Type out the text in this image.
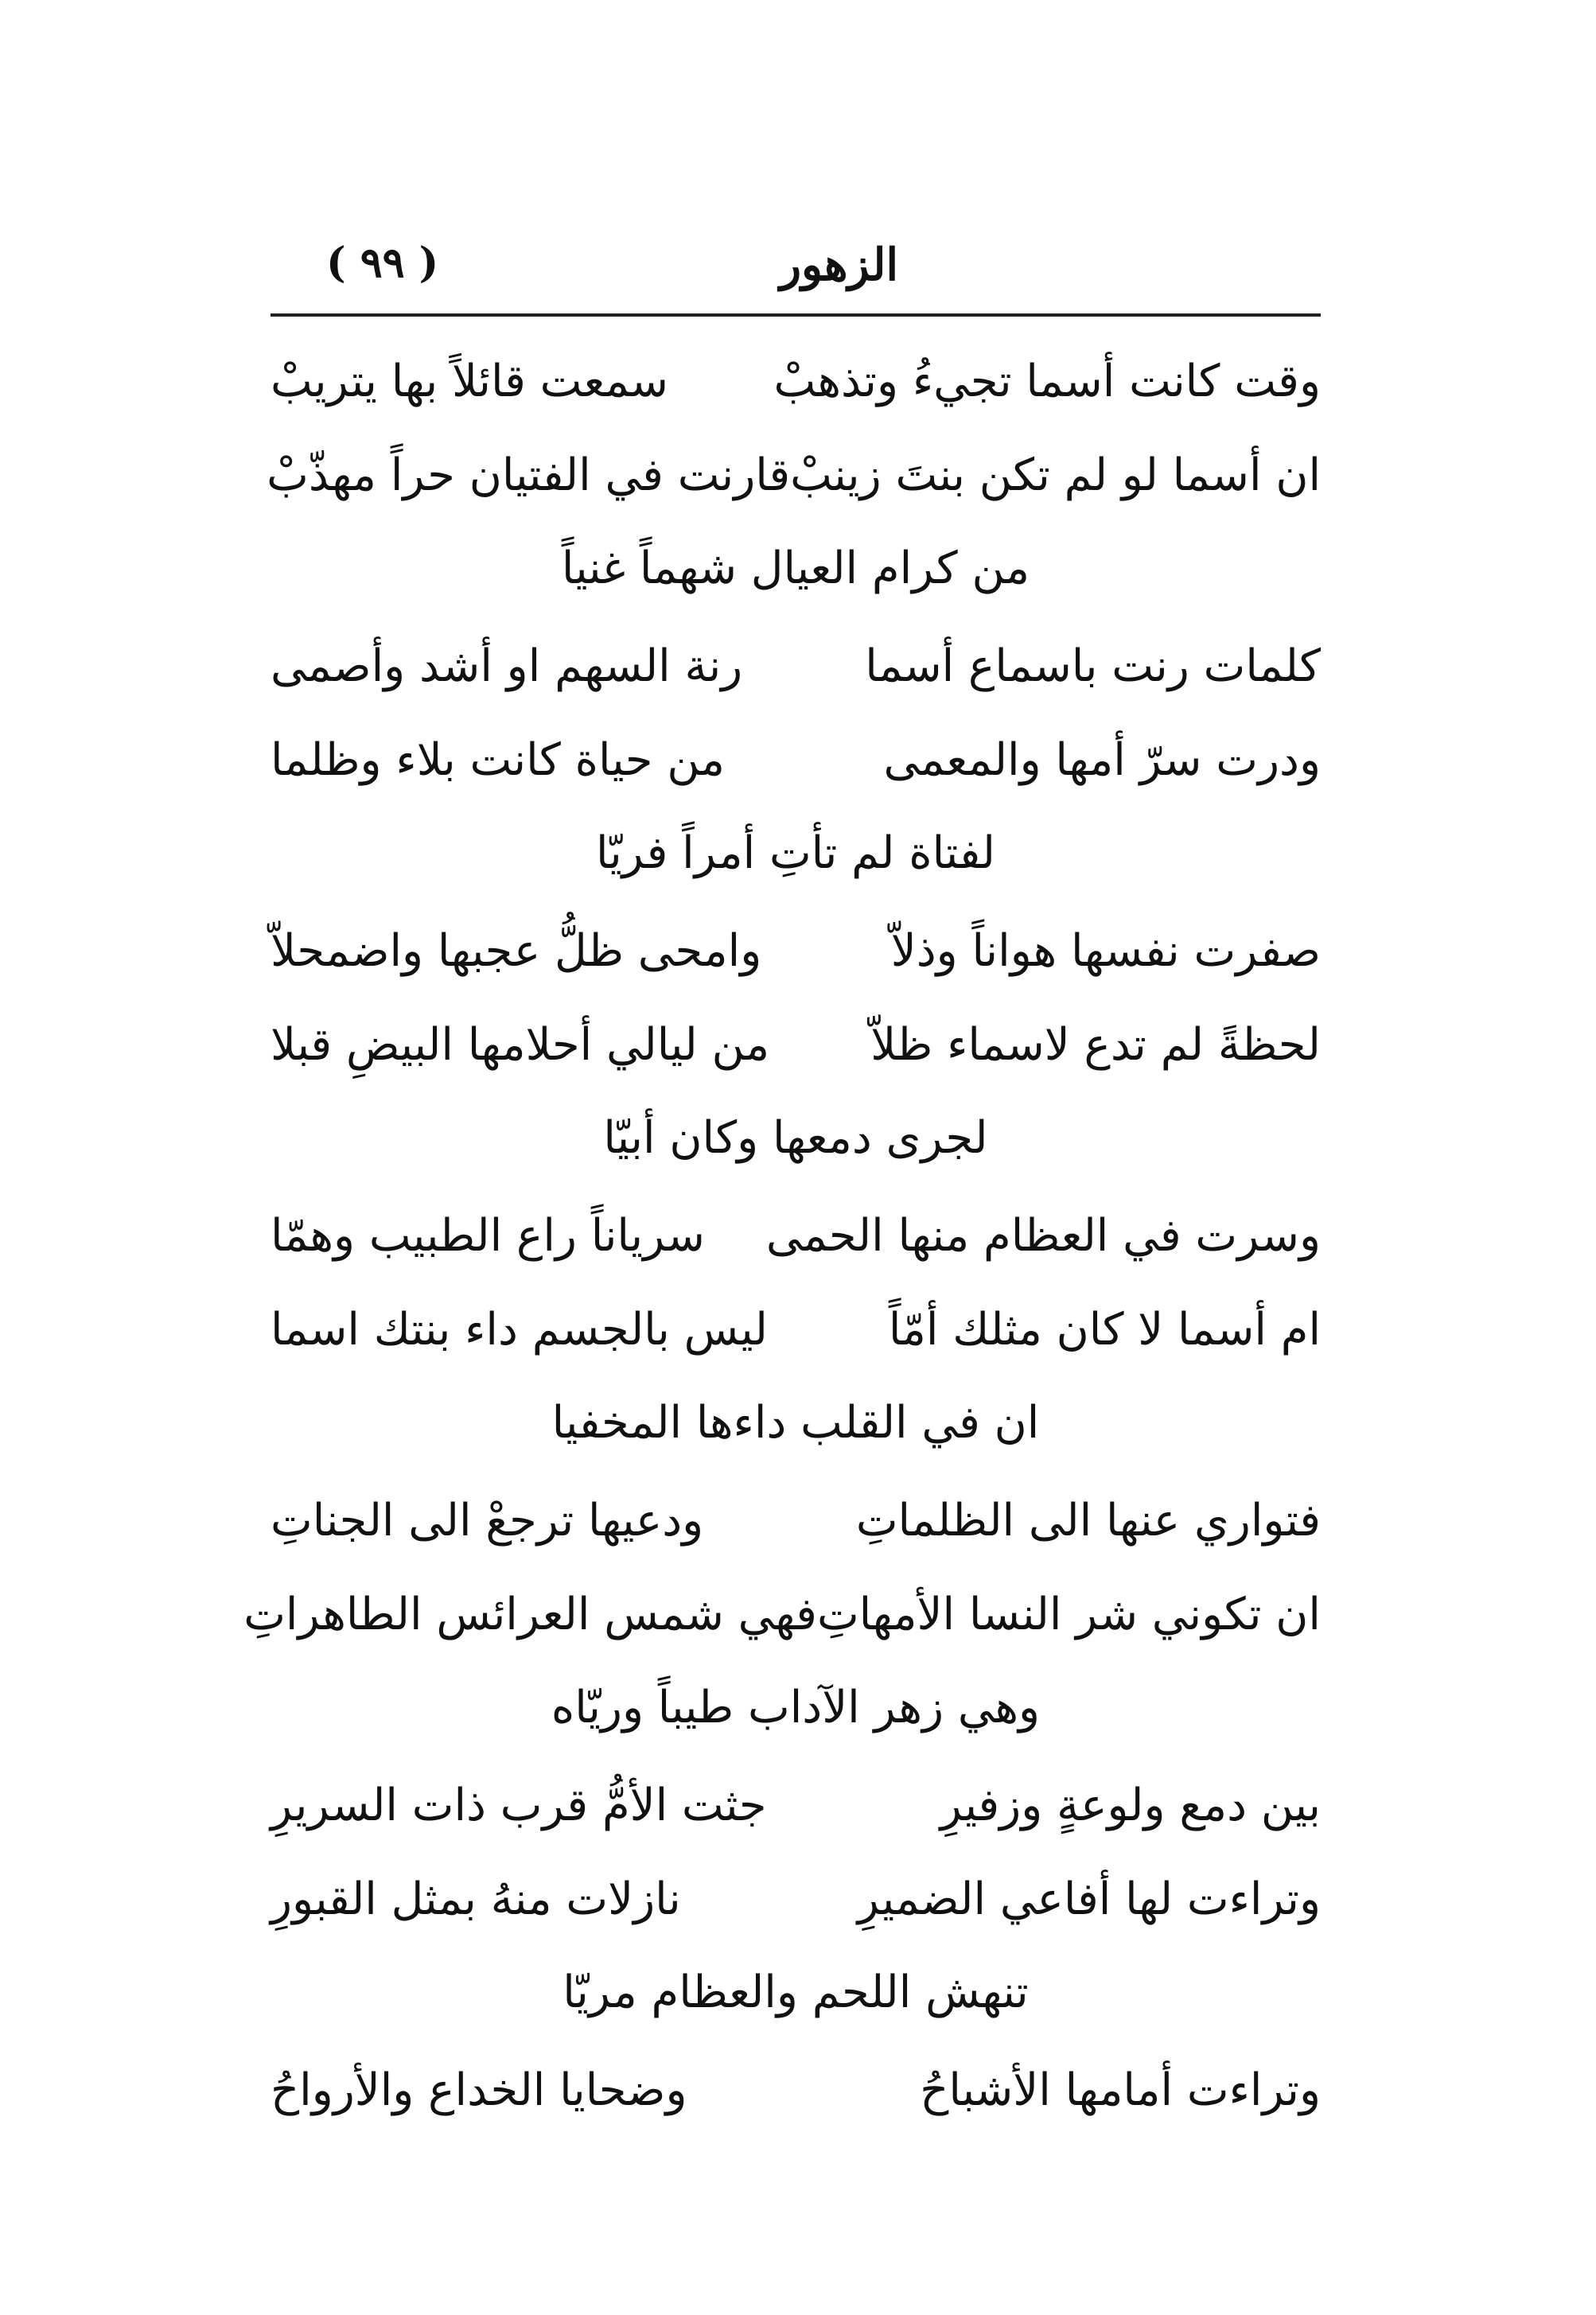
( ٩٩ )	الزهور
وقت كانت أسما تجيءُ وتذهبْ
سمعت قائلاً بها يتريبْ
ان أسما لو لم تكن بنتَ زينبْ
قارنت في الفتيان حراً مهذّبْ
من كرام العيال شهماً غنياً
كلمات رنت باسماع أسما
رنة السهم او أشد وأصمى
ودرت سرّ أمها والمعمى
من حياة كانت بلاء وظلما
لفتاة لم تأتِ أمراً فريّا
صفرت نفسها هواناً وذلاّ
وامحى ظلُّ عجبها واضمحلاّ
لحظةً لم تدع لاسماء ظلاّ
من ليالي أحلامها البيضِ قبلا
لجرى دمعها وكان أبيّا
وسرت في العظام منها الحمى
سرياناً راع الطبيب وهمّا
ام أسما لا كان مثلك أمّاً
ليس بالجسم داء بنتك اسما
ان في القلب داءها المخفيا
فتواري عنها الى الظلماتِ
ودعيها ترجعْ الى الجناتِ
ان تكوني شر النسا الأمهاتِ
فهي شمس العرائس الطاهراتِ
وهي زهر الآداب طيباً وريّاه
بين دمع ولوعةٍ وزفيرِ
جثت الأمُّ قرب ذات السريرِ
وتراءت لها أفاعي الضميرِ
نازلات منهُ بمثل القبورِ
تنهش اللحم والعظام مريّا
وتراءت أمامها الأشباحُ
وضحايا الخداع والأرواحُ
